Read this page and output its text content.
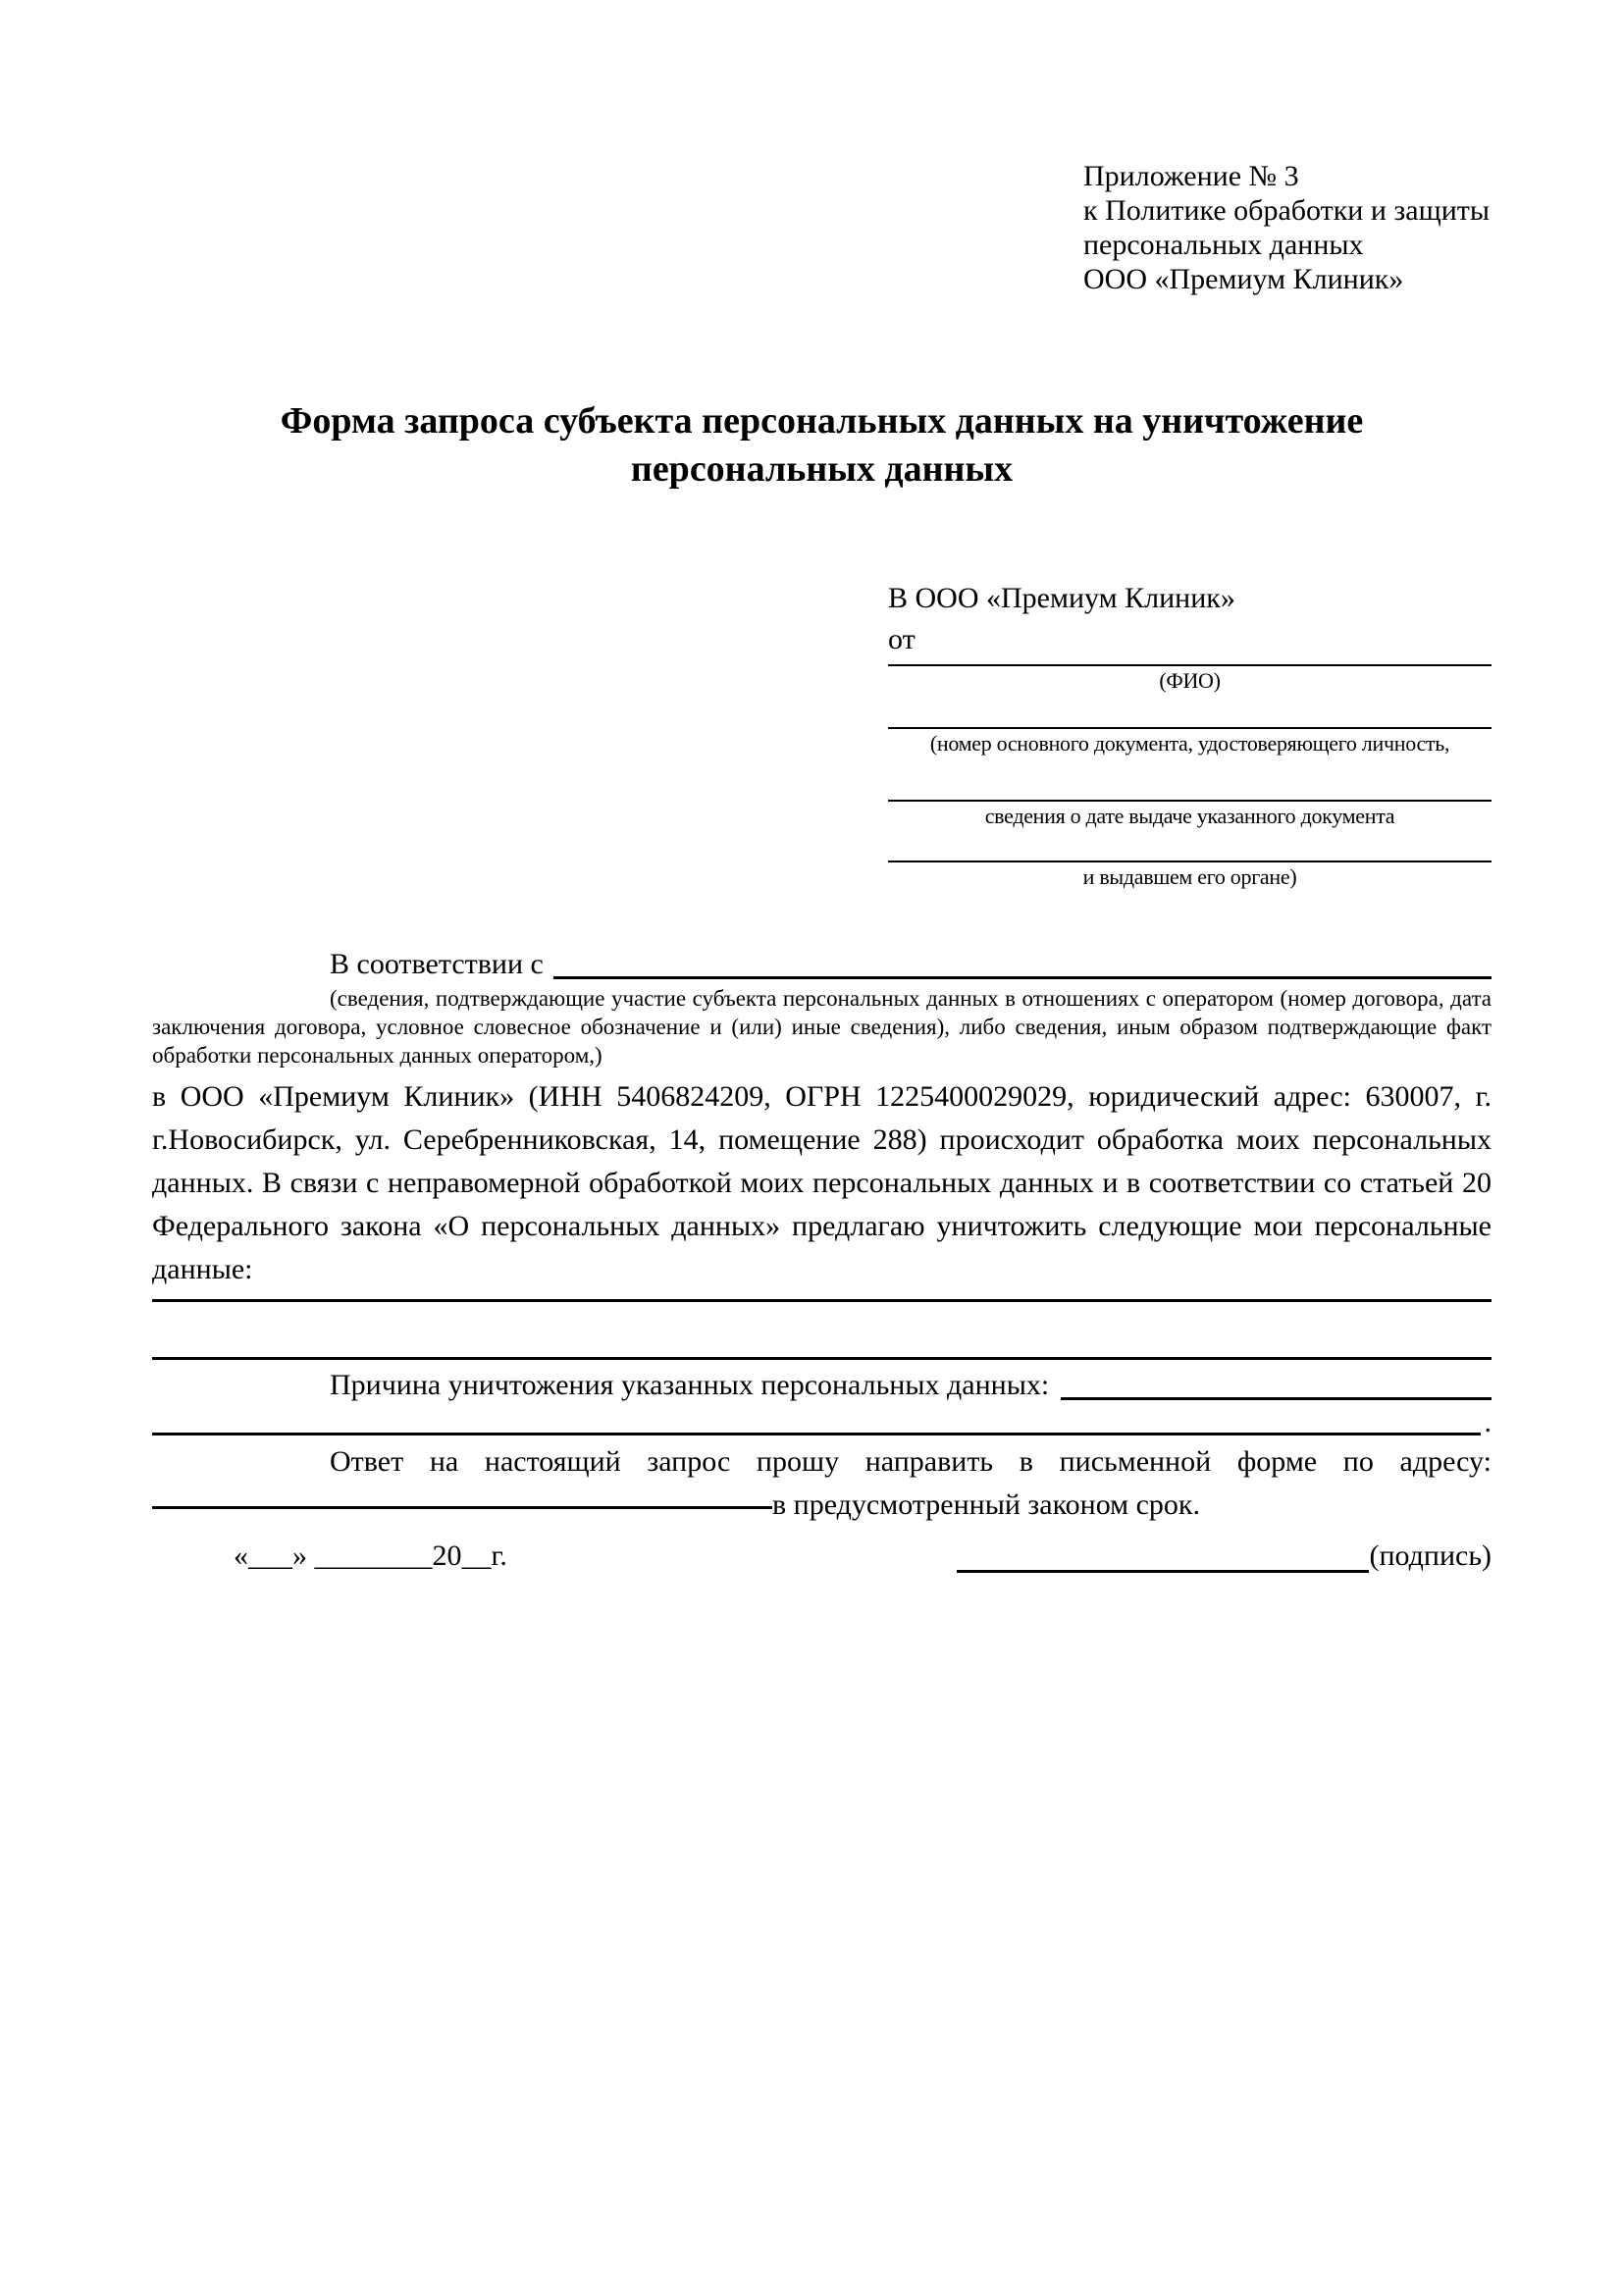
Приложение № 3
к Политике обработки и защиты
персональных данных
ООО «Премиум Клиник»
Форма запроса субъекта персональных данных на уничтожение персональных данных
В ООО «Премиум Клиник»
от
(ФИО)
(номер основного документа, удостоверяющего личность,
сведения о дате выдаче указанного документа
и выдавшем его органе)
В соответствии с
(сведения, подтверждающие участие субъекта персональных данных в отношениях с оператором (номер договора, дата заключения договора, условное словесное обозначение и (или) иные сведения), либо сведения, иным образом подтверждающие факт обработки персональных данных оператором,)

в ООО «Премиум Клиник» (ИНН 5406824209, ОГРН 1225400029029, юридический адрес: 630007, г. г.Новосибирск, ул. Серебренниковская, 14, помещение 288) происходит обработка моих персональных данных. В связи с неправомерной обработкой моих персональных данных и в соответствии со статьей 20 Федерального закона «О персональных данных» предлагаю уничтожить следующие мои персональные данные:

Причина уничтожения указанных персональных данных:
.
Ответ на настоящий запрос прошу направить в письменной форме по адресу:
в предусмотренный законом срок.
«___» ________20__г.	(подпись)
